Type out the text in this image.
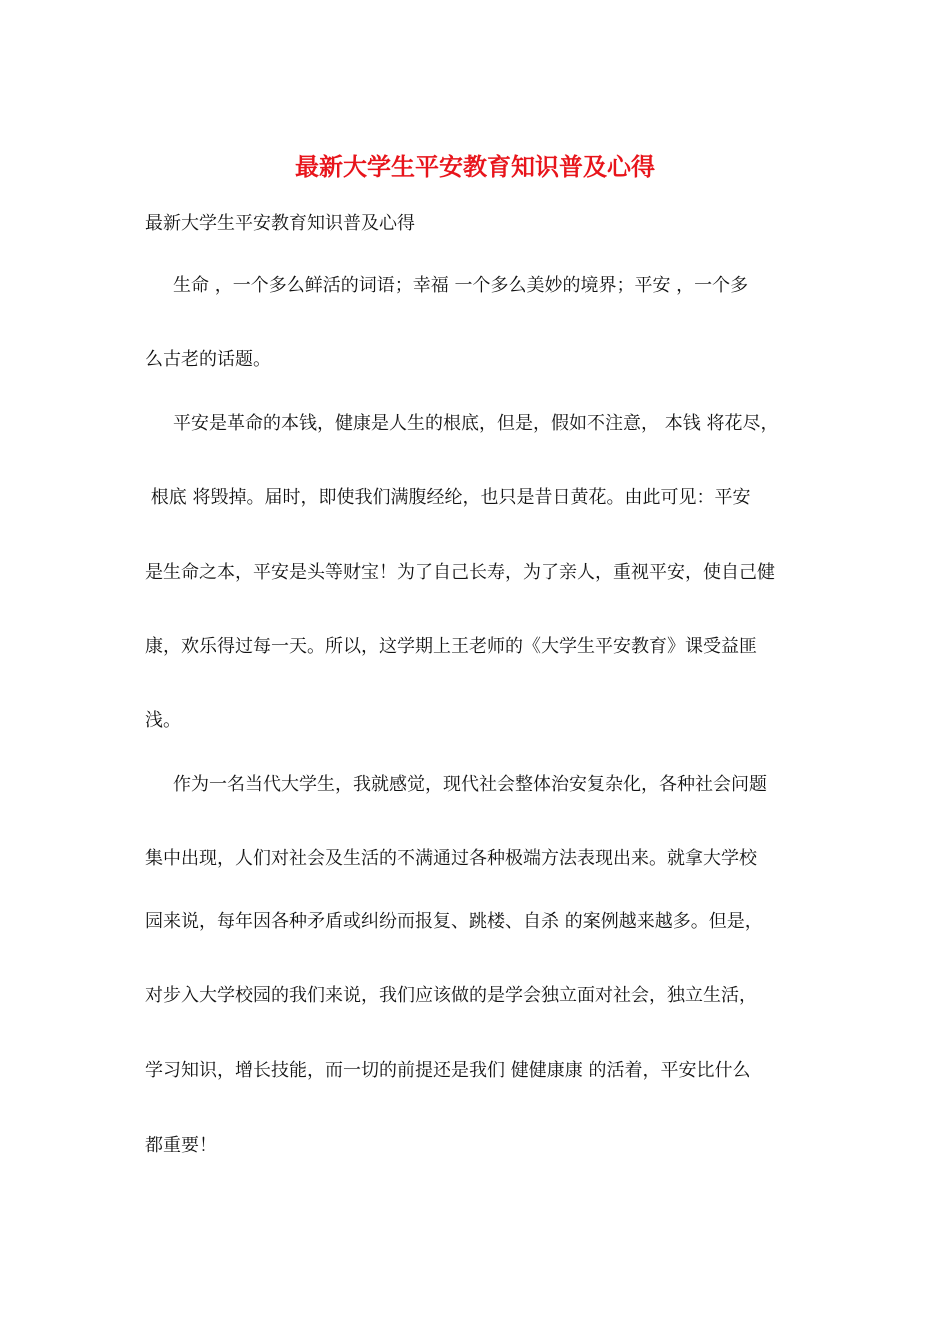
最新大学生平安教育知识普及心得
最新大学生平安教育知识普及心得
生命 ，一个多么鲜活的词语；幸福 一个多么美妙的境界；平安 ，一个多
么古老的话题。
平安是革命的本钱，健康是人生的根底，但是，假如不注意， 本钱 将花尽，
根底 将毁掉。届时，即使我们满腹经纶，也只是昔日黄花。由此可见：平安
是生命之本，平安是头等财宝！为了自己长寿，为了亲人，重视平安，使自己健
康，欢乐得过每一天。所以，这学期上王老师的《大学生平安教育》课受益匪
浅。
作为一名当代大学生，我就感觉，现代社会整体治安复杂化，各种社会问题
集中出现，人们对社会及生活的不满通过各种极端方法表现出来。就拿大学校
园来说，每年因各种矛盾或纠纷而报复、跳楼、自杀 的案例越来越多。但是，
对步入大学校园的我们来说，我们应该做的是学会独立面对社会，独立生活，
学习知识，增长技能，而一切的前提还是我们 健健康康 的活着，平安比什么
都重要！
